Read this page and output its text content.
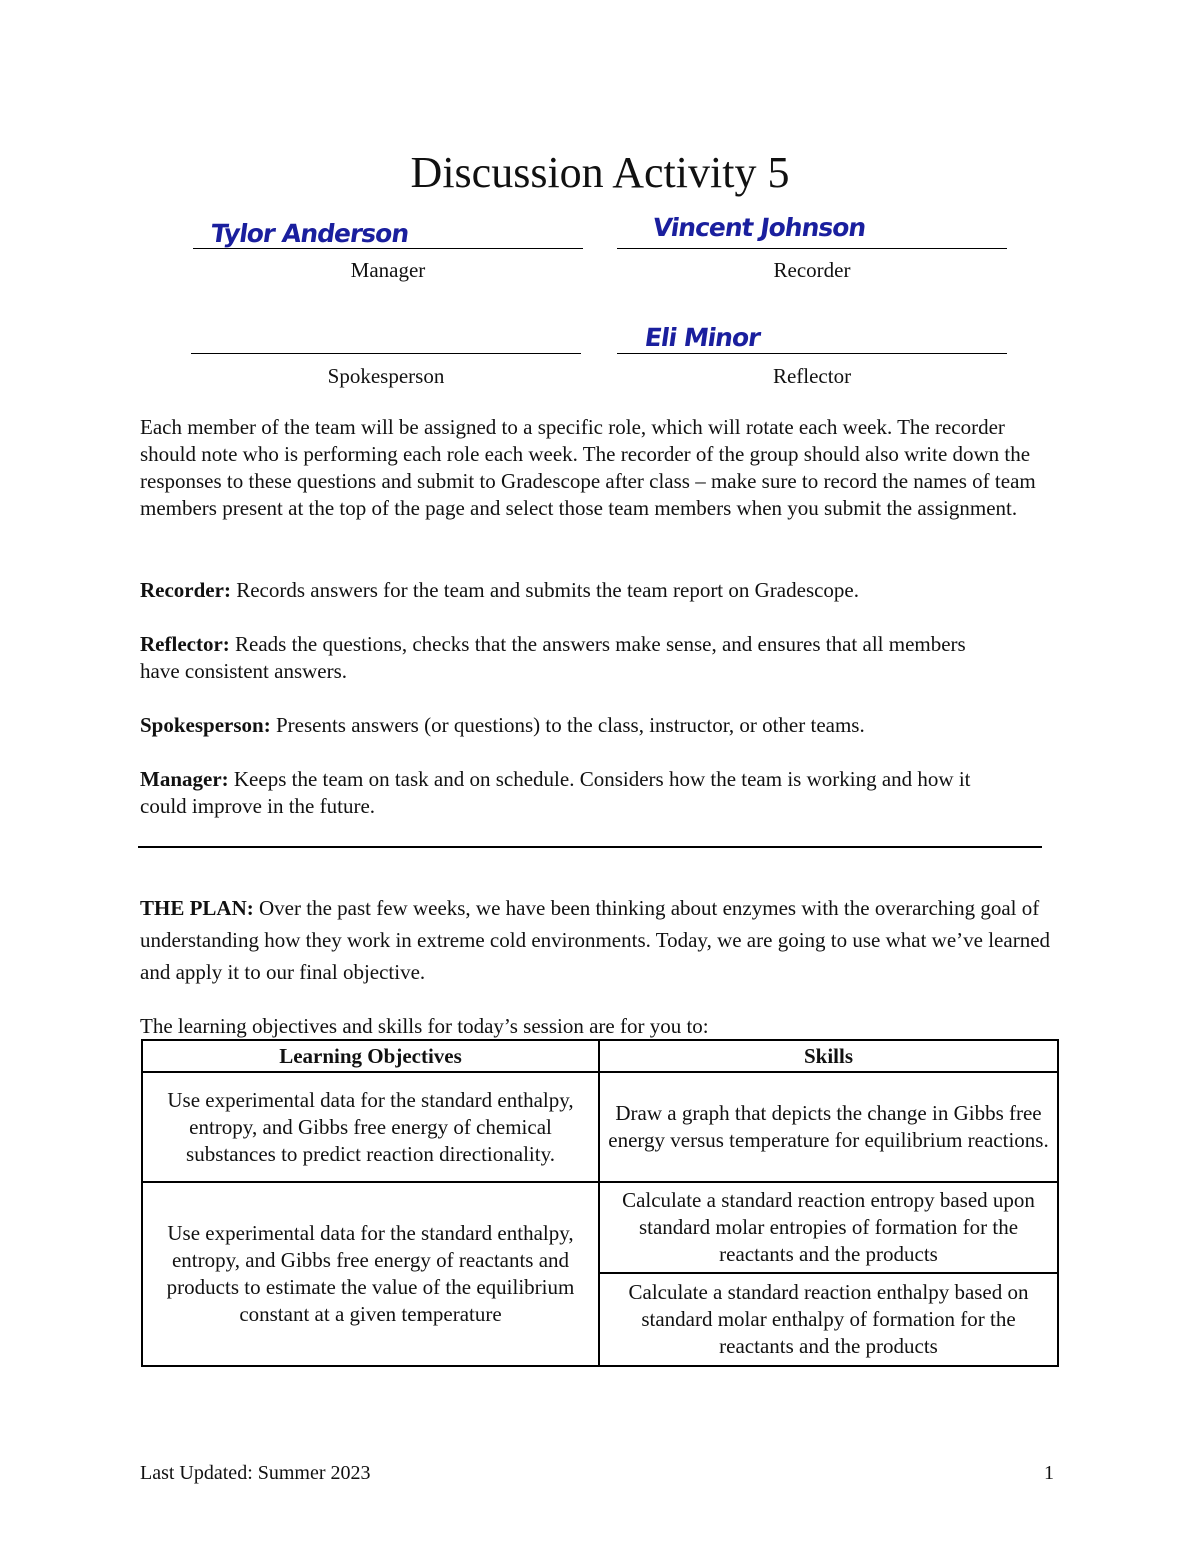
Discussion Activity 5
Tylor Anderson
Manager
Vincent Johnson
Recorder
Spokesperson
Eli Minor
Reflector
Each member of the team will be assigned to a specific role, which will rotate each week. The recorder should note who is performing each role each week. The recorder of the group should also write down the responses to these questions and submit to Gradescope after class – make sure to record the names of team members present at the top of the page and select those team members when you submit the assignment.
Recorder: Records answers for the team and submits the team report on Gradescope.
Reflector: Reads the questions, checks that the answers make sense, and ensures that all members have consistent answers.
Spokesperson: Presents answers (or questions) to the class, instructor, or other teams.
Manager: Keeps the team on task and on schedule. Considers how the team is working and how it could improve in the future.
THE PLAN: Over the past few weeks, we have been thinking about enzymes with the overarching goal of understanding how they work in extreme cold environments. Today, we are going to use what we’ve learned and apply it to our final objective.
The learning objectives and skills for today’s session are for you to:
Learning Objectives	Skills
Use experimental data for the standard enthalpy, entropy, and Gibbs free energy of chemical substances to predict reaction directionality.	Draw a graph that depicts the change in Gibbs free energy versus temperature for equilibrium reactions.
Use experimental data for the standard enthalpy, entropy, and Gibbs free energy of reactants and products to estimate the value of the equilibrium constant at a given temperature	Calculate a standard reaction entropy based upon standard molar entropies of formation for the reactants and the products
	Calculate a standard reaction enthalpy based on standard molar enthalpy of formation for the reactants and the products
Last Updated: Summer 2023	1
